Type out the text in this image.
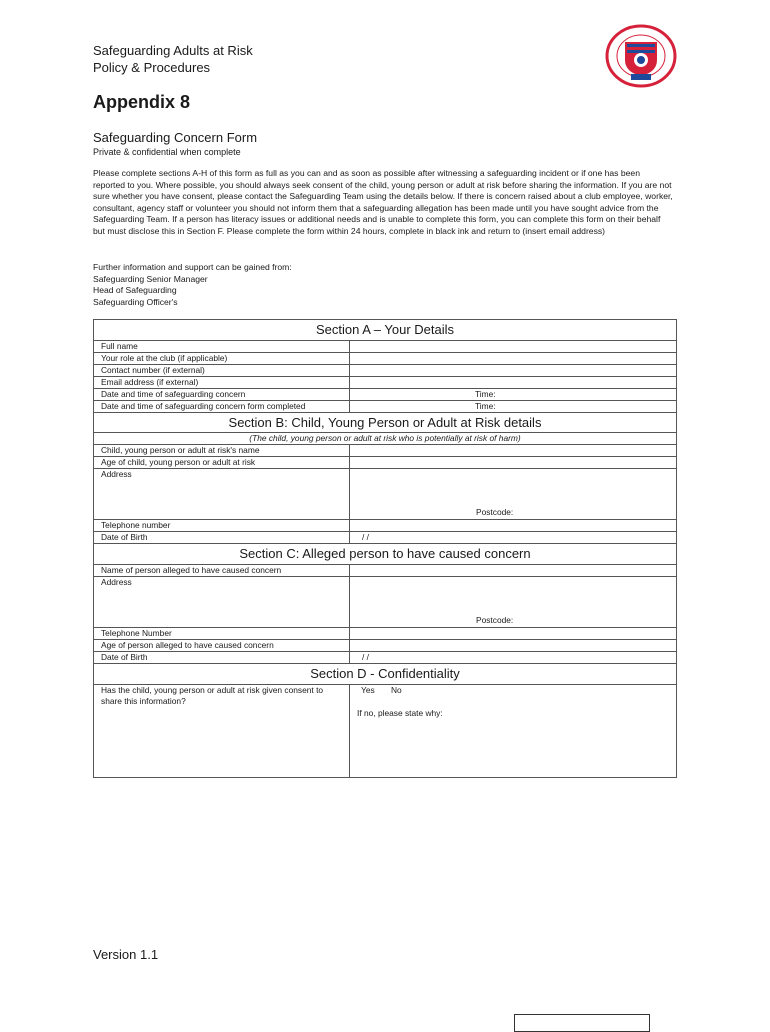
Safeguarding Adults at Risk
Policy & Procedures
Appendix 8
Safeguarding Concern Form
Private & confidential when complete
Please complete sections A-H of this form as full as you can and as soon as possible after witnessing a safeguarding incident or if one has been reported to you. Where possible, you should always seek consent of the child, young person or adult at risk before sharing the information. If you are not sure whether you have consent, please contact the Safeguarding Team using the details below. If there is concern raised about a club employee, worker, consultant, agency staff or volunteer you should not inform them that a safeguarding allegation has been made until you have sought advice from the Safeguarding Team. If a person has literacy issues or additional needs and is unable to complete this form, you can complete this form on their behalf but must disclose this in Section F. Please complete the form within 24 hours, complete in black ink and return to (insert email address)
Further information and support can be gained from:
Safeguarding Senior Manager
Head of Safeguarding
Safeguarding Officer's
Section A – Your Details	
Full name	
Your role at the club (if applicable)	
Contact number (if external)	
Email address (if external)	
Date and time of safeguarding concern	Time:
Date and time of safeguarding concern form completed	Time:
Section B: Child, Young Person or Adult at Risk details	
(The child, young person or adult at risk who is potentially at risk of harm)	
Child, young person or adult at risk's name	
Age of child, young person or adult at risk	
Address	Postcode:

Telephone number	
Date of Birth	/ /
Section C: Alleged person to have caused concern	
Name of person alleged to have caused concern	
Address	Postcode:

Telephone Number	
Age of person alleged to have caused concern	
Date of Birth	/ /
Section D - Confidentiality	
Has the child, young person or adult at risk given consent to share this information?	Yes No
If no, please state why:
Version 1.1
